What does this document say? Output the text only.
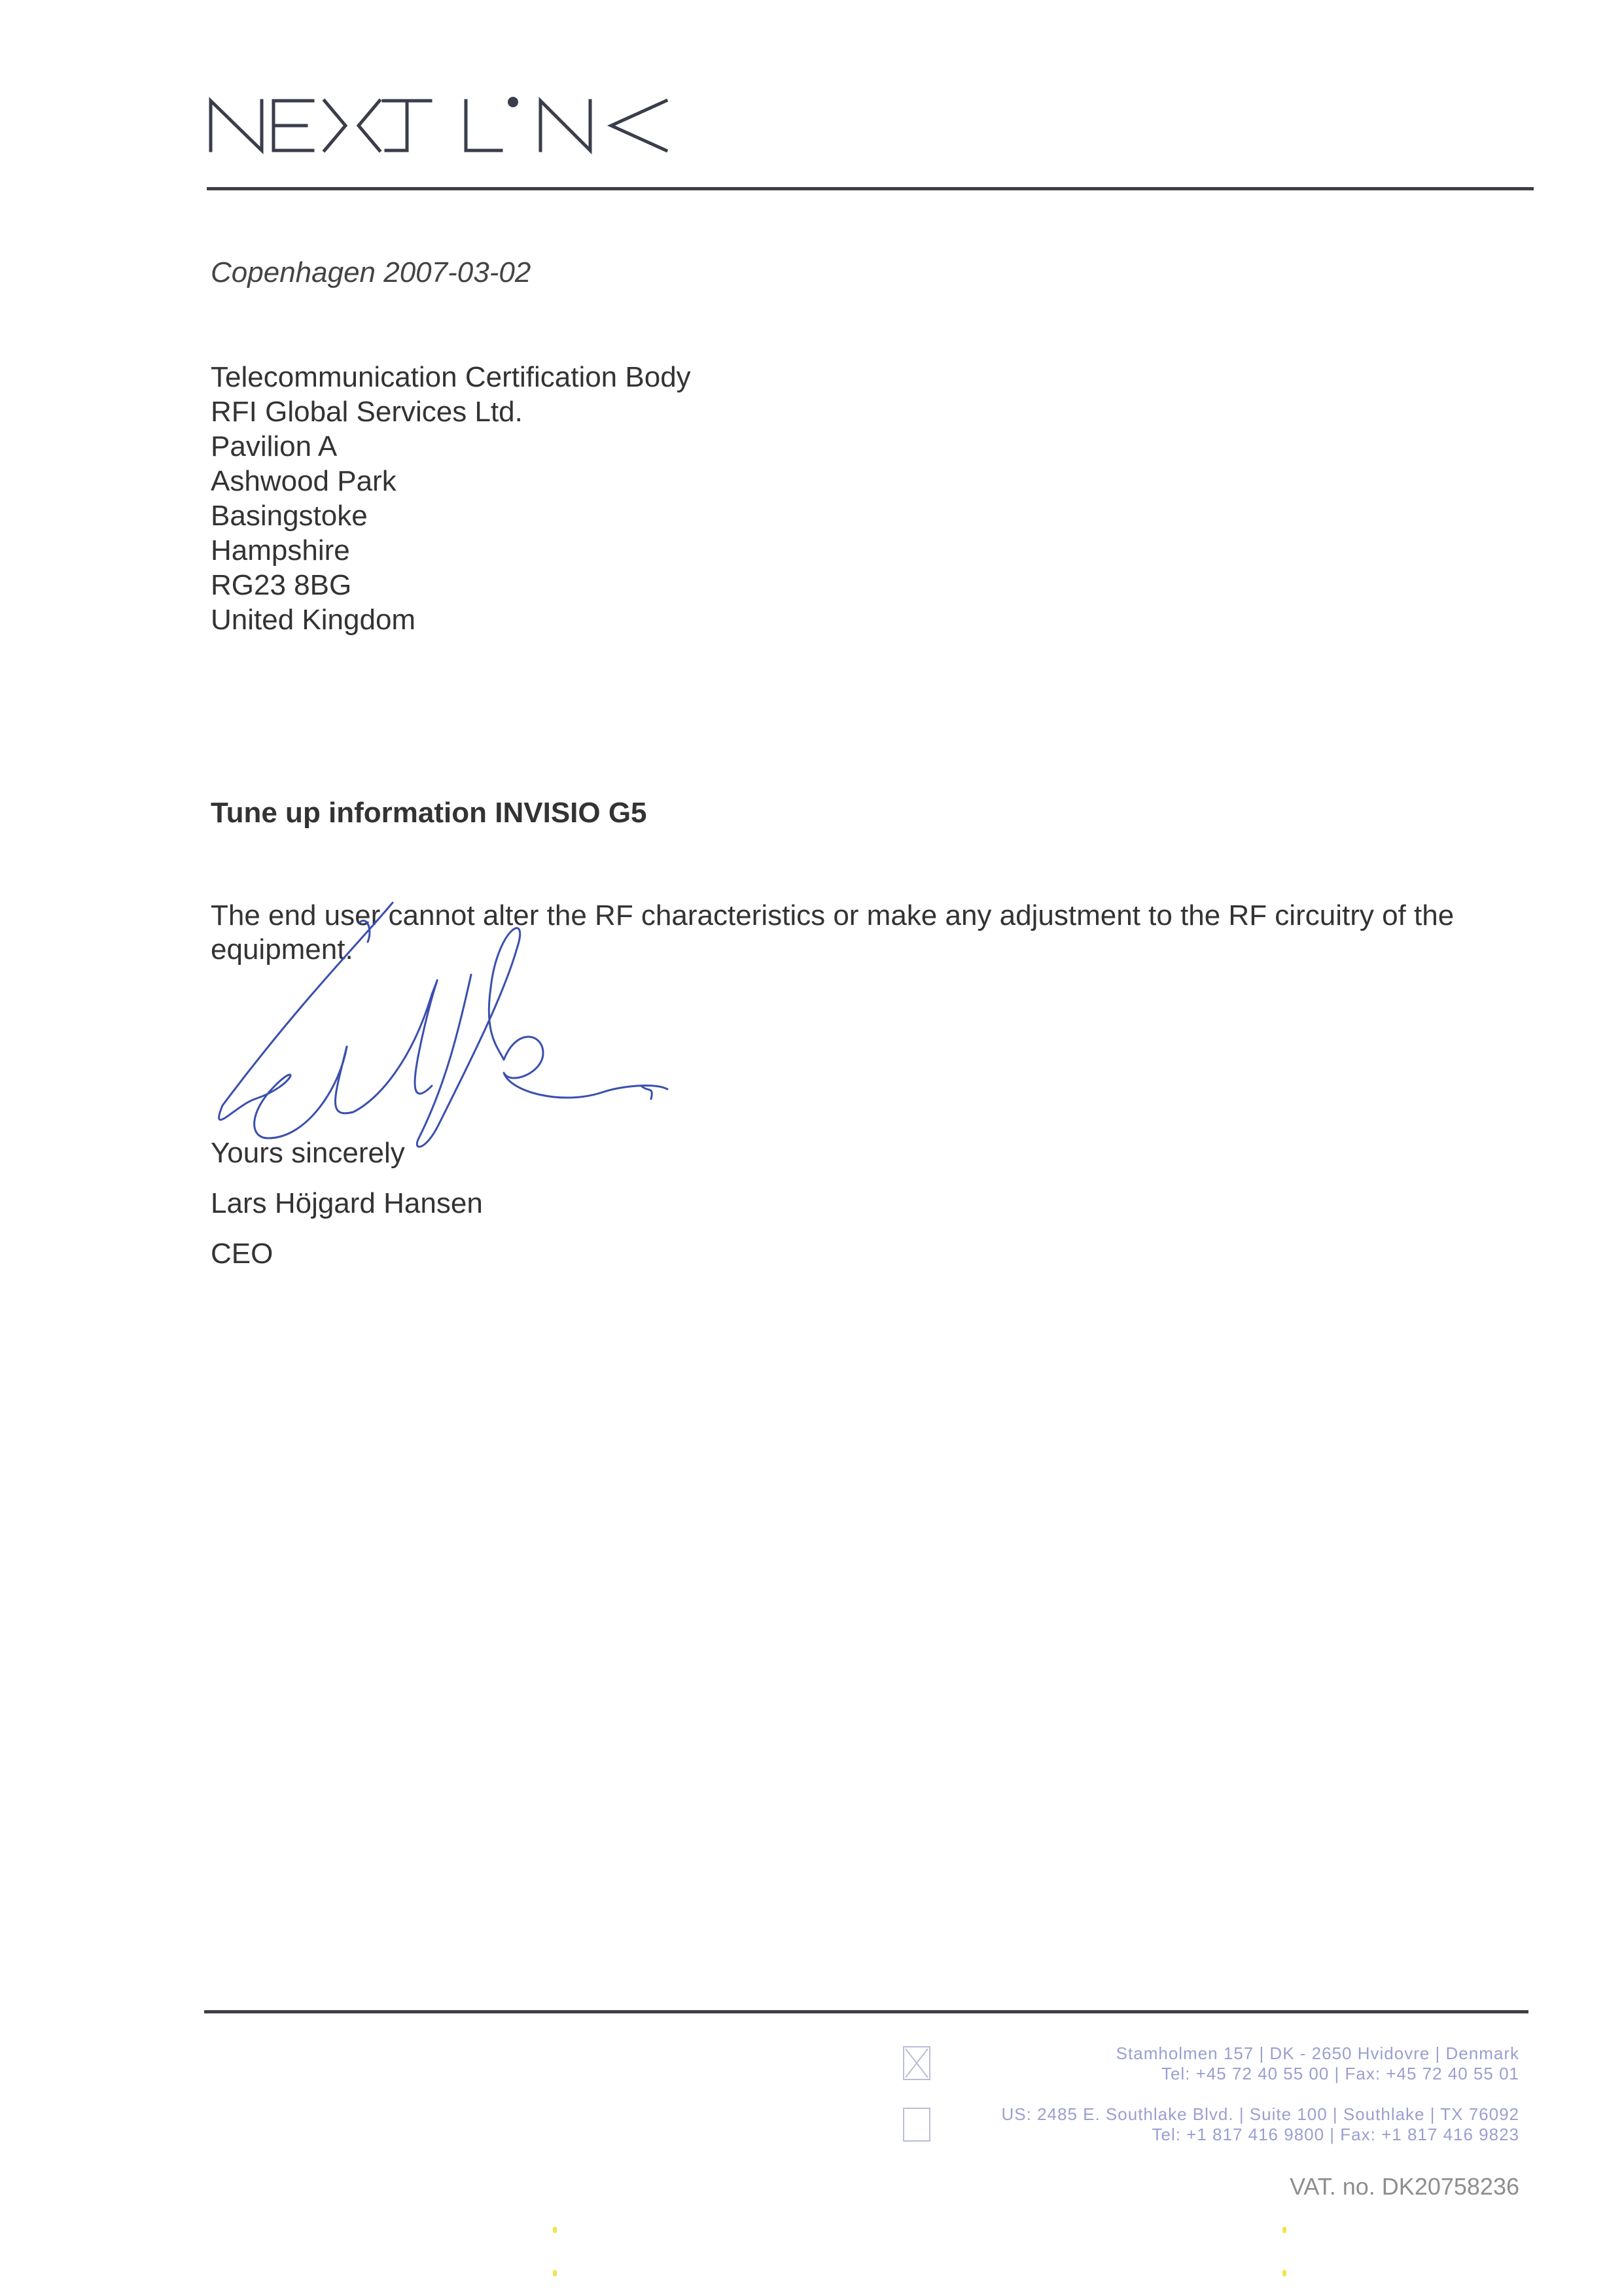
Copenhagen 2007-03-02
Telecommunication Certification Body
RFI Global Services Ltd.
Pavilion A
Ashwood Park
Basingstoke
Hampshire
RG23 8BG
United Kingdom
Tune up information INVISIO G5
The end user cannot alter the RF characteristics or make any adjustment to the RF circuitry of the equipment.
Yours sincerely
Lars Höjgard Hansen
CEO
Stamholmen 157 | DK - 2650 Hvidovre | Denmark
Tel: +45 72 40 55 00 | Fax: +45 72 40 55 01
US: 2485 E. Southlake Blvd. | Suite 100 | Southlake | TX 76092
Tel: +1 817 416 9800 | Fax: +1 817 416 9823
VAT. no. DK20758236
